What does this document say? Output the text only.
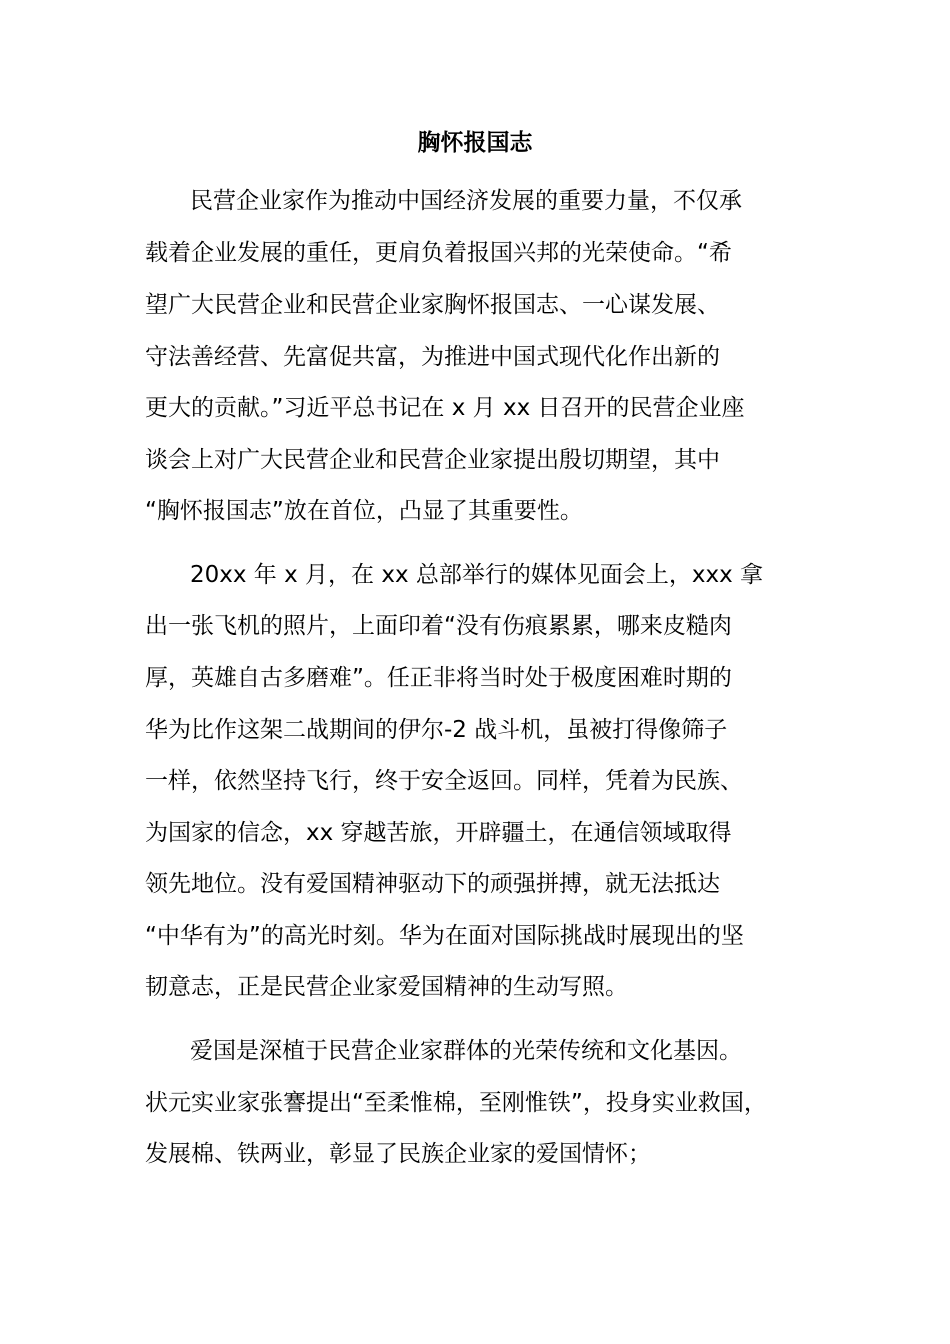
胸怀报国志
民营企业家作为推动中国经济发展的重要力量，不仅承
载着企业发展的重任，更肩负着报国兴邦的光荣使命。“希
望广大民营企业和民营企业家胸怀报国志、一心谋发展、
守法善经营、先富促共富，为推进中国式现代化作出新的
更大的贡献。”习近平总书记在 x 月 xx 日召开的民营企业座
谈会上对广大民营企业和民营企业家提出殷切期望，其中
“胸怀报国志”放在首位，凸显了其重要性。
20xx 年 x 月，在 xx 总部举行的媒体见面会上，xxx 拿
出一张飞机的照片，上面印着“没有伤痕累累，哪来皮糙肉
厚，英雄自古多磨难”。任正非将当时处于极度困难时期的
华为比作这架二战期间的伊尔-2 战斗机，虽被打得像筛子
一样，依然坚持飞行，终于安全返回。同样，凭着为民族、
为国家的信念，xx 穿越苦旅，开辟疆土，在通信领域取得
领先地位。没有爱国精神驱动下的顽强拼搏，就无法抵达
“中华有为”的高光时刻。华为在面对国际挑战时展现出的坚
韧意志，正是民营企业家爱国精神的生动写照。
爱国是深植于民营企业家群体的光荣传统和文化基因。
状元实业家张謇提出“至柔惟棉，至刚惟铁”，投身实业救国，
发展棉、铁两业，彰显了民族企业家的爱国情怀；
